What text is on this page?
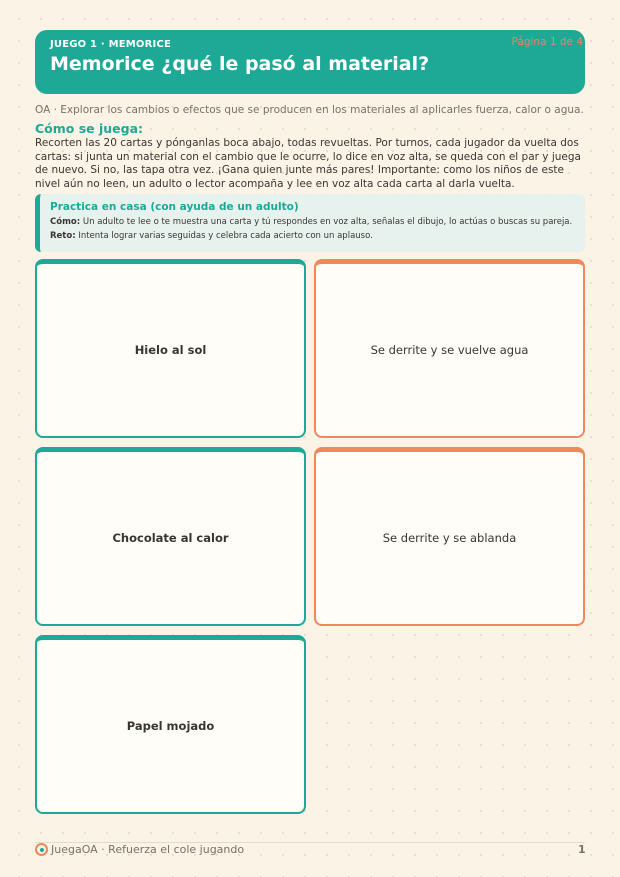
JUEGO 1 · MEMORICE
Memorice ¿qué le pasó al material?
Página 1 de 4
OA · Explorar los cambios o efectos que se producen en los materiales al aplicarles fuerza, calor o agua.
Cómo se juega:
Recorten las 20 cartas y pónganlas boca abajo, todas revueltas. Por turnos, cada jugador da vuelta dos cartas: si junta un material con el cambio que le ocurre, lo dice en voz alta, se queda con el par y juega de nuevo. Si no, las tapa otra vez. ¡Gana quien junte más pares! Importante: como los niños de este nivel aún no leen, un adulto o lector acompaña y lee en voz alta cada carta al darla vuelta.
Practica en casa (con ayuda de un adulto)
Cómo: Un adulto te lee o te muestra una carta y tú respondes en voz alta, señalas el dibujo, lo actúas o buscas su pareja.
Reto: Intenta lograr varias seguidas y celebra cada acierto con un aplauso.
Hielo al sol	Se derrite y se vuelve agua
Chocolate al calor	Se derrite y se ablanda
Papel mojado
JuegaOA · Refuerza el cole jugando	1
